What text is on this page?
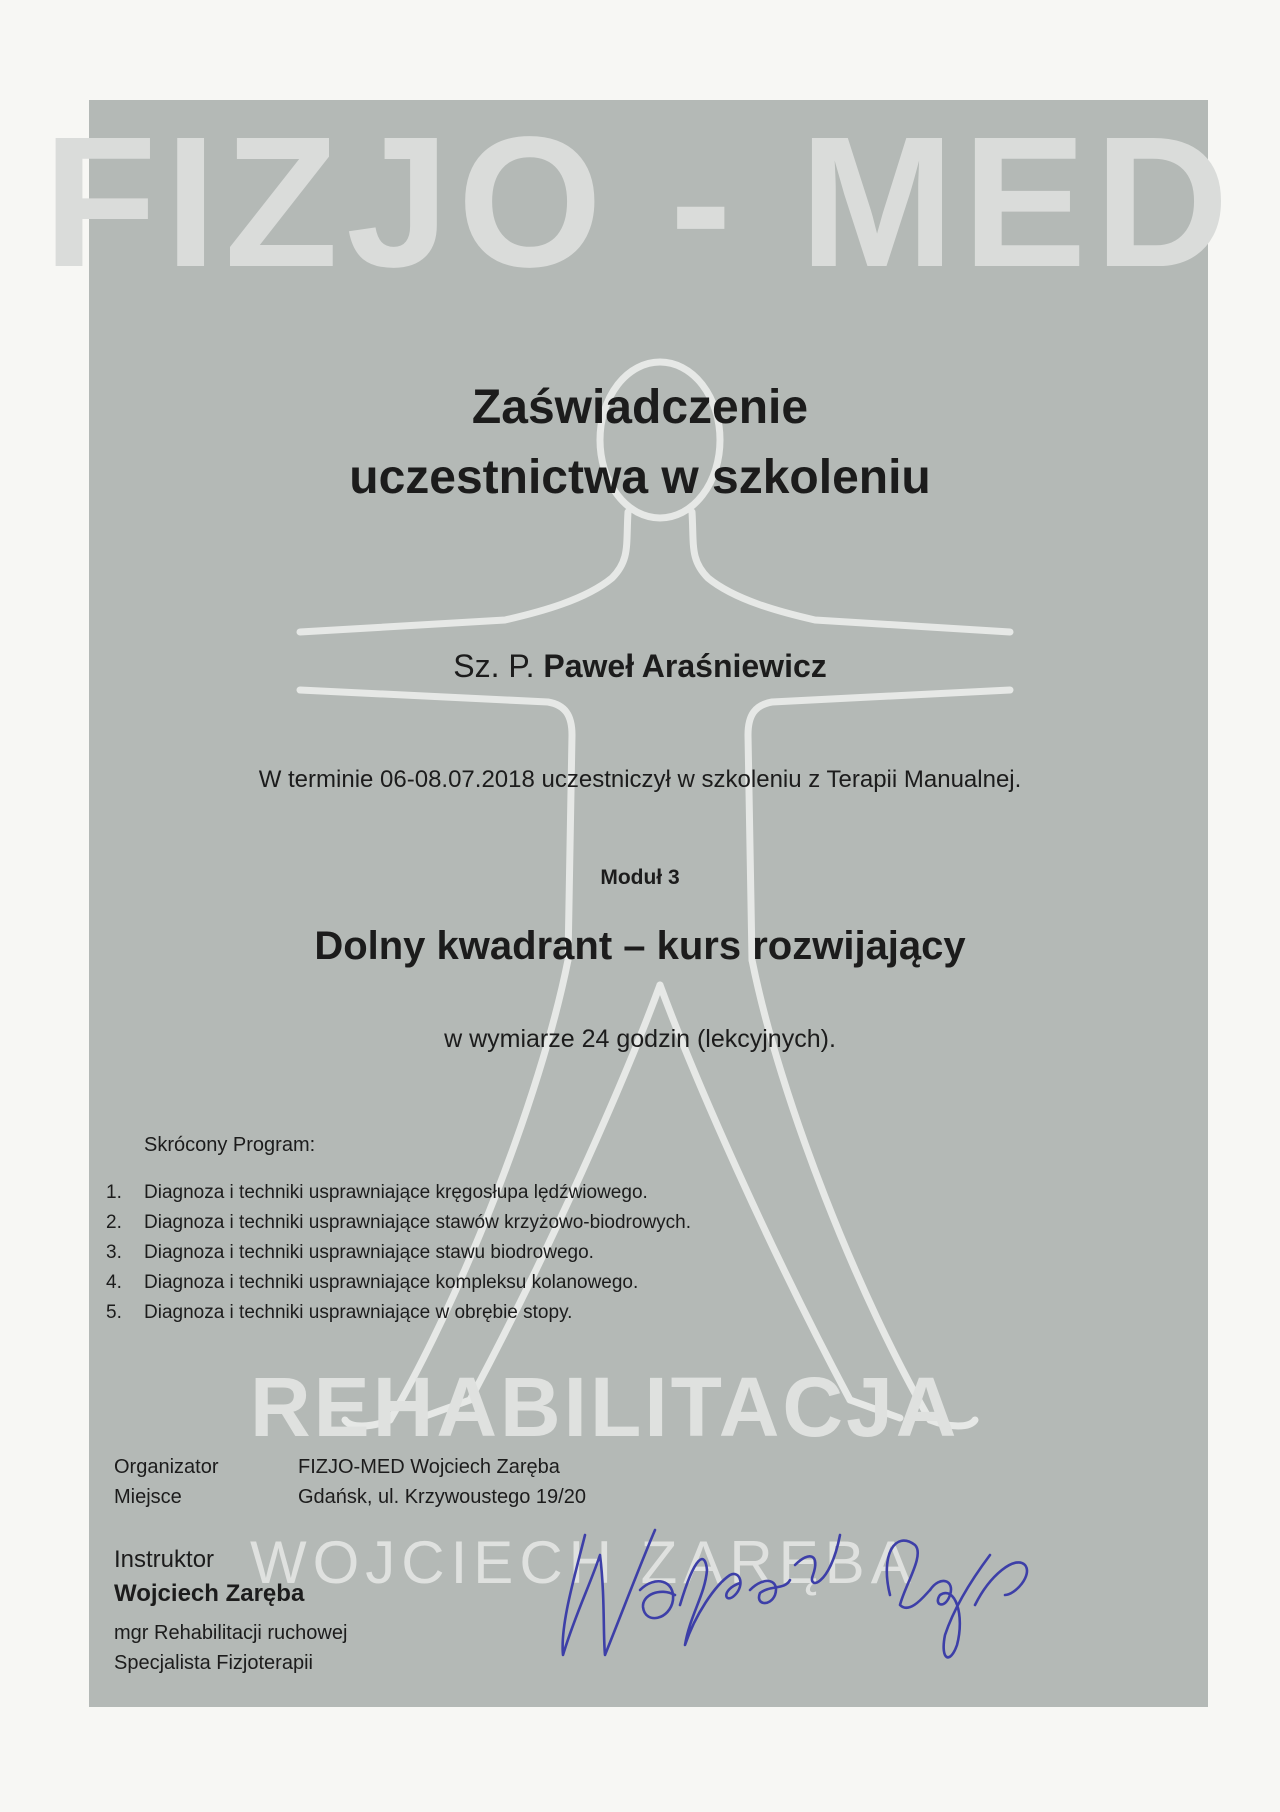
FIZJO - MED

REHABILITACJA

WOJCIECH ZARĘBA

Zaświadczenie
uczestnictwa w szkoleniu

Sz. P. Paweł Araśniewicz

W terminie 06-08.07.2018 uczestniczył w szkoleniu z Terapii Manualnej.

Moduł 3

Dolny kwadrant – kurs rozwijający

w wymiarze 24 godzin (lekcyjnych).

Skrócony Program:

1. Diagnoza i techniki usprawniające kręgosłupa lędźwiowego.
2. Diagnoza i techniki usprawniające stawów krzyżowo-biodrowych.
3. Diagnoza i techniki usprawniające stawu biodrowego.
4. Diagnoza i techniki usprawniające kompleksu kolanowego.
5. Diagnoza i techniki usprawniające w obrębie stopy.

Organizator	FIZJO-MED Wojciech Zaręba

Miejsce	Gdańsk, ul. Krzywoustego 19/20

Instruktor

Wojciech Zaręba

mgr Rehabilitacji ruchowej

Specjalista Fizjoterapii
